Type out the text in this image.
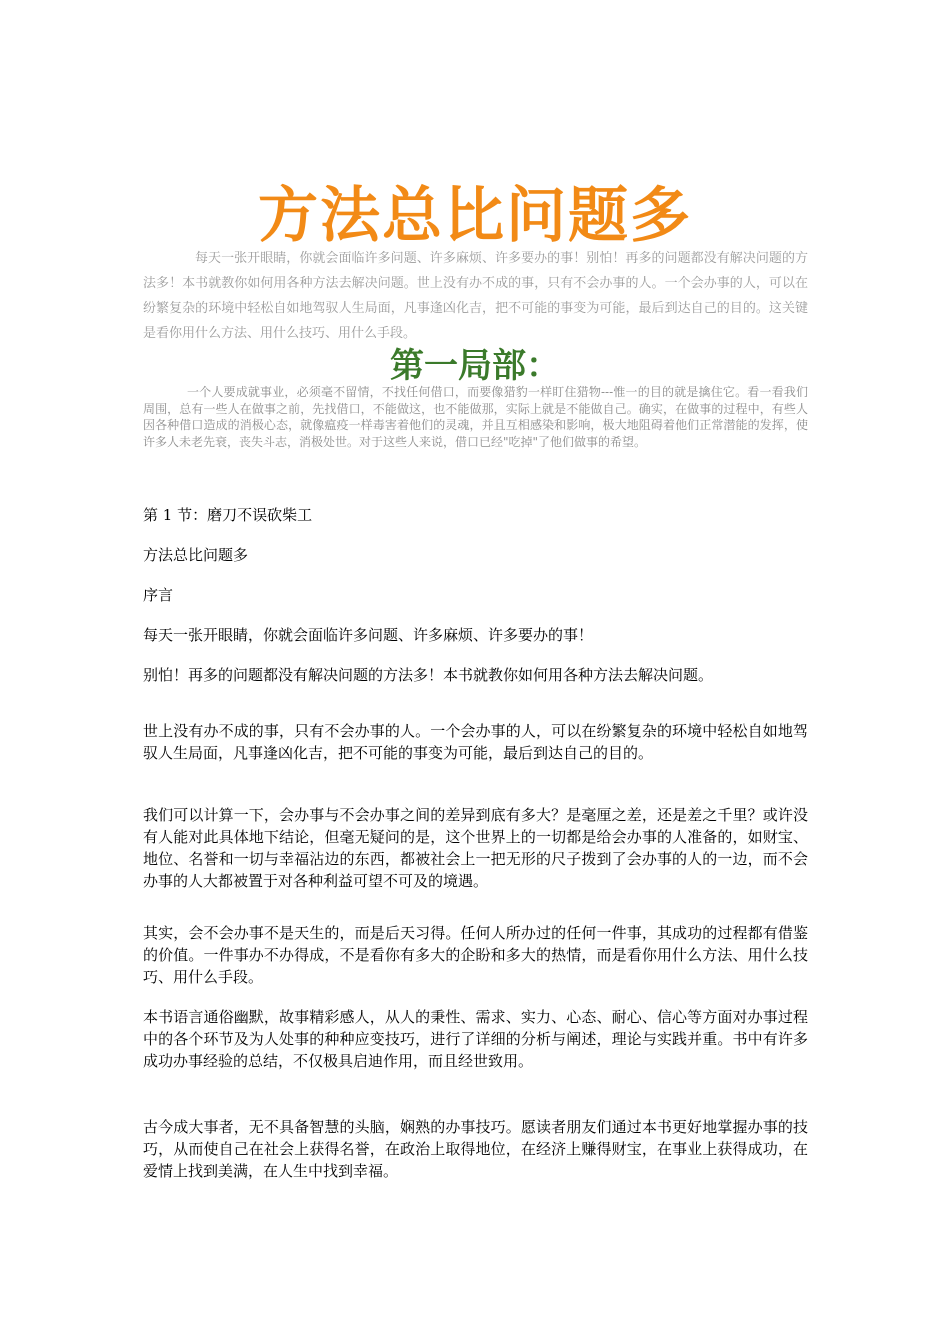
方法总比问题多

每天一张开眼睛，你就会面临许多问题、许多麻烦、许多要办的事！别怕！再多的问题都没有解决问题的方法多！本书就教你如何用各种方法去解决问题。世上没有办不成的事，只有不会办事的人。一个会办事的人，可以在纷繁复杂的环境中轻松自如地驾驭人生局面，凡事逢凶化吉，把不可能的事变为可能，最后到达自己的目的。这关键是看你用什么方法、用什么技巧、用什么手段。

第一局部：

一个人要成就事业，必须毫不留情，不找任何借口，而要像猎豹一样盯住猎物---惟一的目的就是擒住它。看一看我们周围，总有一些人在做事之前，先找借口，不能做这，也不能做那，实际上就是不能做自己。确实，在做事的过程中，有些人因各种借口造成的消极心态，就像瘟疫一样毒害着他们的灵魂，并且互相感染和影响，极大地阻碍着他们正常潜能的发挥，使许多人未老先衰，丧失斗志，消极处世。对于这些人来说，借口已经"吃掉"了他们做事的希望。

第 1 节：磨刀不误砍柴工

方法总比问题多

序言

每天一张开眼睛，你就会面临许多问题、许多麻烦、许多要办的事！

别怕！再多的问题都没有解决问题的方法多！本书就教你如何用各种方法去解决问题。

世上没有办不成的事，只有不会办事的人。一个会办事的人，可以在纷繁复杂的环境中轻松自如地驾驭人生局面，凡事逢凶化吉，把不可能的事变为可能，最后到达自己的目的。

我们可以计算一下，会办事与不会办事之间的差异到底有多大？是毫厘之差，还是差之千里？或许没有人能对此具体地下结论，但毫无疑问的是，这个世界上的一切都是给会办事的人准备的，如财宝、地位、名誉和一切与幸福沾边的东西，都被社会上一把无形的尺子拨到了会办事的人的一边，而不会办事的人大都被置于对各种利益可望不可及的境遇。

其实，会不会办事不是天生的，而是后天习得。任何人所办过的任何一件事，其成功的过程都有借鉴的价值。一件事办不办得成，不是看你有多大的企盼和多大的热情，而是看你用什么方法、用什么技巧、用什么手段。

本书语言通俗幽默，故事精彩感人，从人的秉性、需求、实力、心态、耐心、信心等方面对办事过程中的各个环节及为人处事的种种应变技巧，进行了详细的分析与阐述，理论与实践并重。书中有许多成功办事经验的总结，不仅极具启迪作用，而且经世致用。

古今成大事者，无不具备智慧的头脑，娴熟的办事技巧。愿读者朋友们通过本书更好地掌握办事的技巧，从而使自己在社会上获得名誉，在政治上取得地位，在经济上赚得财宝，在事业上获得成功，在爱情上找到美满，在人生中找到幸福。
